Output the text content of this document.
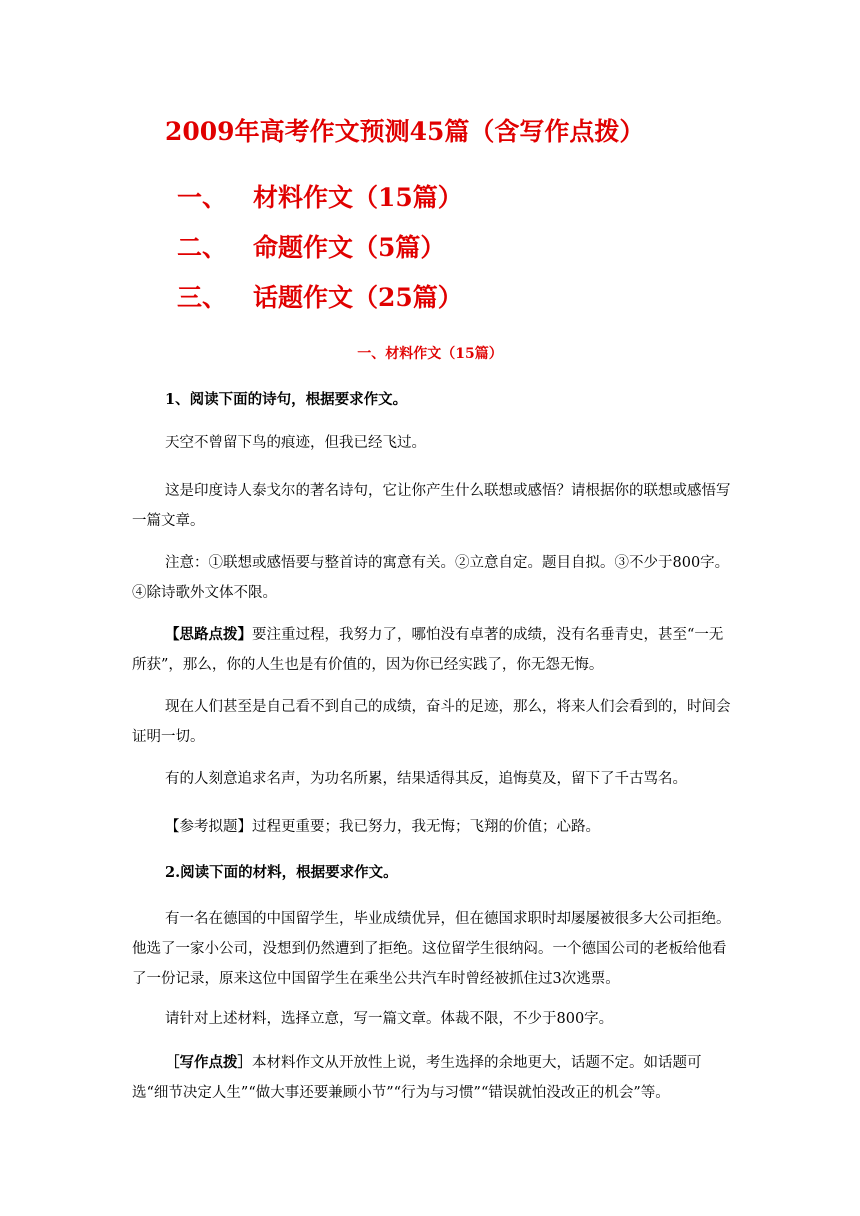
2009年高考作文预测45篇（含写作点拨）
一、 材料作文（15篇）
二、 命题作文（5篇）
三、 话题作文（25篇）
一、材料作文（15篇）
1、阅读下面的诗句，根据要求作文。
天空不曾留下鸟的痕迹，但我已经飞过。
这是印度诗人泰戈尔的著名诗句，它让你产生什么联想或感悟？请根据你的联想或感悟写一篇文章。
注意：①联想或感悟要与整首诗的寓意有关。②立意自定。题目自拟。③不少于800字。④除诗歌外文体不限。
【思路点拨】要注重过程，我努力了，哪怕没有卓著的成绩，没有名垂青史，甚至“一无所获”，那么，你的人生也是有价值的，因为你已经实践了，你无怨无悔。
现在人们甚至是自己看不到自己的成绩，奋斗的足迹，那么，将来人们会看到的，时间会证明一切。
有的人刻意追求名声，为功名所累，结果适得其反，追悔莫及，留下了千古骂名。
【参考拟题】过程更重要；我已努力，我无悔；飞翔的价值；心路。
2.阅读下面的材料，根据要求作文。
有一名在德国的中国留学生，毕业成绩优异，但在德国求职时却屡屡被很多大公司拒绝。他选了一家小公司，没想到仍然遭到了拒绝。这位留学生很纳闷。一个德国公司的老板给他看了一份记录，原来这位中国留学生在乘坐公共汽车时曾经被抓住过3次逃票。
请针对上述材料，选择立意，写一篇文章。体裁不限，不少于800字。
［写作点拨］本材料作文从开放性上说，考生选择的余地更大，话题不定。如话题可选“细节决定人生”“做大事还要兼顾小节”“行为与习惯”“错误就怕没改正的机会”等。
